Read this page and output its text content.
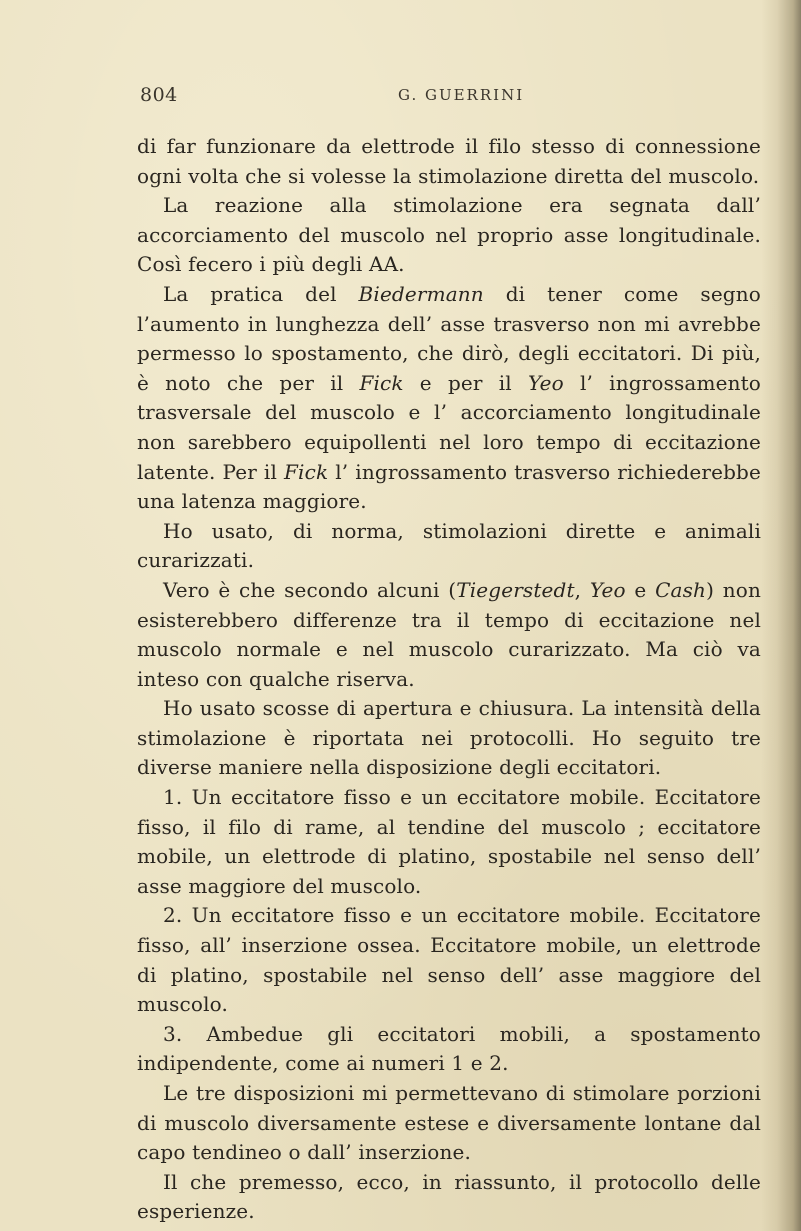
804	G. GUERRINI

di far funzionare da elettrode il filo stesso di connessione ogni volta che si volesse la stimolazione diretta del muscolo.

La reazione alla stimolazione era segnata dall’ accorciamento del muscolo nel proprio asse longitudinale. Così fecero i più degli AA.

La pratica del Biedermann di tener come segno l’aumento in lunghezza dell’ asse trasverso non mi avrebbe permesso lo spostamento, che dirò, degli eccitatori. Di più, è noto che per il Fick e per il Yeo l’ ingrossamento trasversale del muscolo e l’ accorciamento longitudinale non sarebbero equipollenti nel loro tempo di eccitazione latente. Per il Fick l’ ingrossamento trasverso richiederebbe una latenza maggiore.

Ho usato, di norma, stimolazioni dirette e animali curarizzati.

Vero è che secondo alcuni (Tiegerstedt, Yeo e Cash) non esisterebbero differenze tra il tempo di eccitazione nel muscolo normale e nel muscolo curarizzato. Ma ciò va inteso con qualche riserva.

Ho usato scosse di apertura e chiusura. La intensità della stimolazione è riportata nei protocolli. Ho seguito tre diverse maniere nella disposizione degli eccitatori.

1. Un eccitatore fisso e un eccitatore mobile. Eccitatore fisso, il filo di rame, al tendine del muscolo ; eccitatore mobile, un elettrode di platino, spostabile nel senso dell’ asse maggiore del muscolo.

2. Un eccitatore fisso e un eccitatore mobile. Eccitatore fisso, all’ inserzione ossea. Eccitatore mobile, un elettrode di platino, spostabile nel senso dell’ asse maggiore del muscolo.

3. Ambedue gli eccitatori mobili, a spostamento indipendente, come ai numeri 1 e 2.

Le tre disposizioni mi permettevano di stimolare porzioni di muscolo diversamente estese e diversamente lontane dal capo tendineo o dall’ inserzione.

Il che premesso, ecco, in riassunto, il protocollo delle esperienze.
